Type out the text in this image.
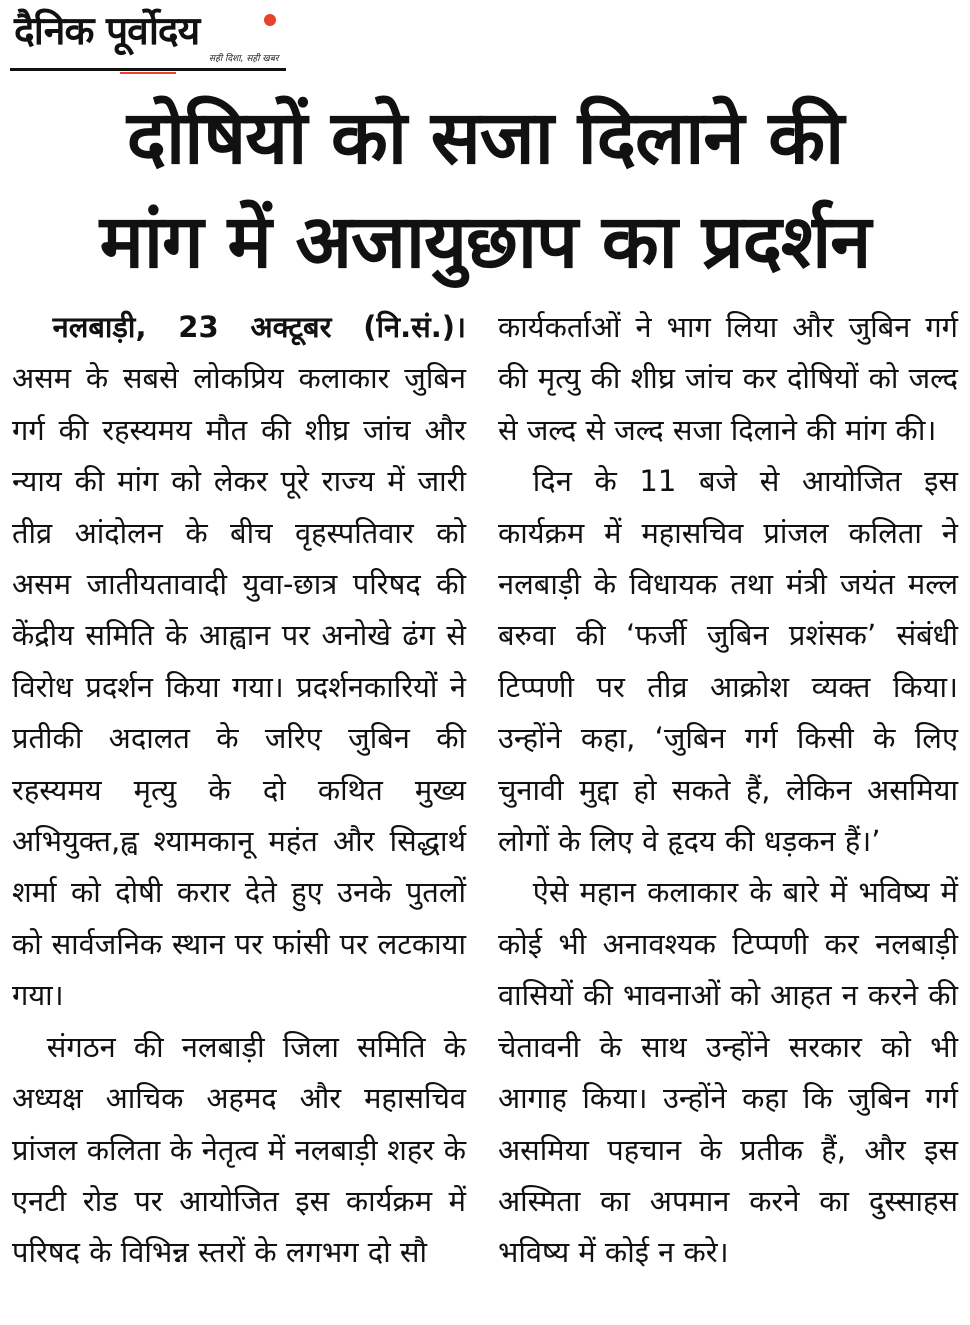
दैनिक पूर्वोदय
सही दिशा, सही खबर
दोषियों को सजा दिलाने की
मांग में अजायुछाप का प्रदर्शन

नलबाड़ी, 23 अक्टूबर (नि.सं.)। असम के सबसे लोकप्रिय कलाकार जुबिन गर्ग की रहस्यमय मौत की शीघ्र जांच और न्याय की मांग को लेकर पूरे राज्य में जारी तीव्र आंदोलन के बीच वृहस्पतिवार को असम जातीयतावादी युवा-छात्र परिषद की केंद्रीय समिति के आह्वान पर अनोखे ढंग से विरोध प्रदर्शन किया गया। प्रदर्शनकारियों ने प्रतीकी अदालत के जरिए जुबिन की रहस्यमय मृत्यु के दो कथित मुख्य अभियुक्त,ह्व श्यामकानू महंत और सिद्धार्थ शर्मा को दोषी करार देते हुए उनके पुतलों को सार्वजनिक स्थान पर फांसी पर लटकाया गया।

संगठन की नलबाड़ी जिला समिति के अध्यक्ष आचिक अहमद और महासचिव प्रांजल कलिता के नेतृत्व में नलबाड़ी शहर के एनटी रोड पर आयोजित इस कार्यक्रम में परिषद के विभिन्न स्तरों के लगभग दो सौ

कार्यकर्ताओं ने भाग लिया और जुबिन गर्ग की मृत्यु की शीघ्र जांच कर दोषियों को जल्द से जल्द से जल्द सजा दिलाने की मांग की।

दिन के 11 बजे से आयोजित इस कार्यक्रम में महासचिव प्रांजल कलिता ने नलबाड़ी के विधायक तथा मंत्री जयंत मल्ल बरुवा की ‘फर्जी जुबिन प्रशंसक’ संबंधी टिप्पणी पर तीव्र आक्रोश व्यक्त किया। उन्होंने कहा, ‘जुबिन गर्ग किसी के लिए चुनावी मुद्दा हो सकते हैं, लेकिन असमिया लोगों के लिए वे हृदय की धड़कन हैं।’

ऐसे महान कलाकार के बारे में भविष्य में कोई भी अनावश्यक टिप्पणी कर नलबाड़ी वासियों की भावनाओं को आहत न करने की चेतावनी के साथ उन्होंने सरकार को भी आगाह किया। उन्होंने कहा कि जुबिन गर्ग असमिया पहचान के प्रतीक हैं, और इस अस्मिता का अपमान करने का दुस्साहस भविष्य में कोई न करे।
